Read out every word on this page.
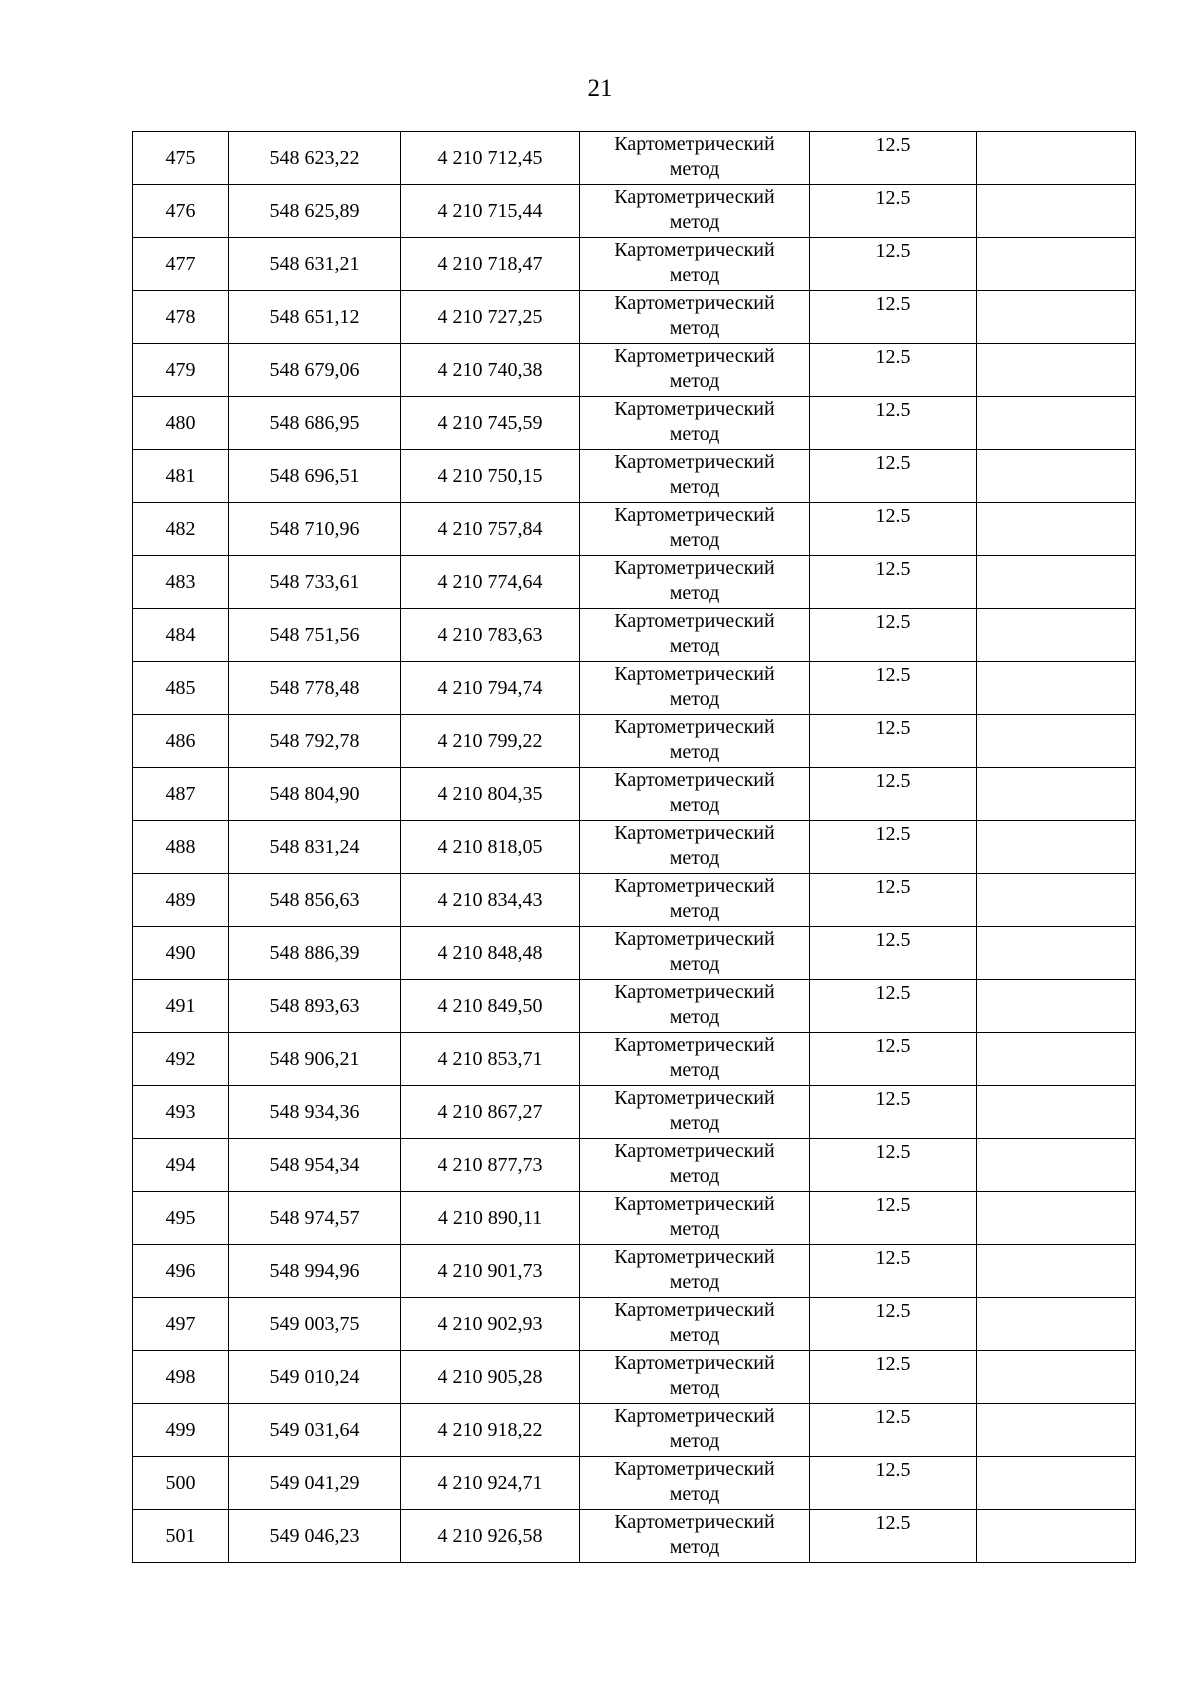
21
475	548 623,22	4 210 712,45	Картометрический
метод	12.5	
476	548 625,89	4 210 715,44	Картометрический
метод	12.5	
477	548 631,21	4 210 718,47	Картометрический
метод	12.5	
478	548 651,12	4 210 727,25	Картометрический
метод	12.5	
479	548 679,06	4 210 740,38	Картометрический
метод	12.5	
480	548 686,95	4 210 745,59	Картометрический
метод	12.5	
481	548 696,51	4 210 750,15	Картометрический
метод	12.5	
482	548 710,96	4 210 757,84	Картометрический
метод	12.5	
483	548 733,61	4 210 774,64	Картометрический
метод	12.5	
484	548 751,56	4 210 783,63	Картометрический
метод	12.5	
485	548 778,48	4 210 794,74	Картометрический
метод	12.5	
486	548 792,78	4 210 799,22	Картометрический
метод	12.5	
487	548 804,90	4 210 804,35	Картометрический
метод	12.5	
488	548 831,24	4 210 818,05	Картометрический
метод	12.5	
489	548 856,63	4 210 834,43	Картометрический
метод	12.5	
490	548 886,39	4 210 848,48	Картометрический
метод	12.5	
491	548 893,63	4 210 849,50	Картометрический
метод	12.5	
492	548 906,21	4 210 853,71	Картометрический
метод	12.5	
493	548 934,36	4 210 867,27	Картометрический
метод	12.5	
494	548 954,34	4 210 877,73	Картометрический
метод	12.5	
495	548 974,57	4 210 890,11	Картометрический
метод	12.5	
496	548 994,96	4 210 901,73	Картометрический
метод	12.5	
497	549 003,75	4 210 902,93	Картометрический
метод	12.5	
498	549 010,24	4 210 905,28	Картометрический
метод	12.5	
499	549 031,64	4 210 918,22	Картометрический
метод	12.5	
500	549 041,29	4 210 924,71	Картометрический
метод	12.5	
501	549 046,23	4 210 926,58	Картометрический
метод	12.5	
